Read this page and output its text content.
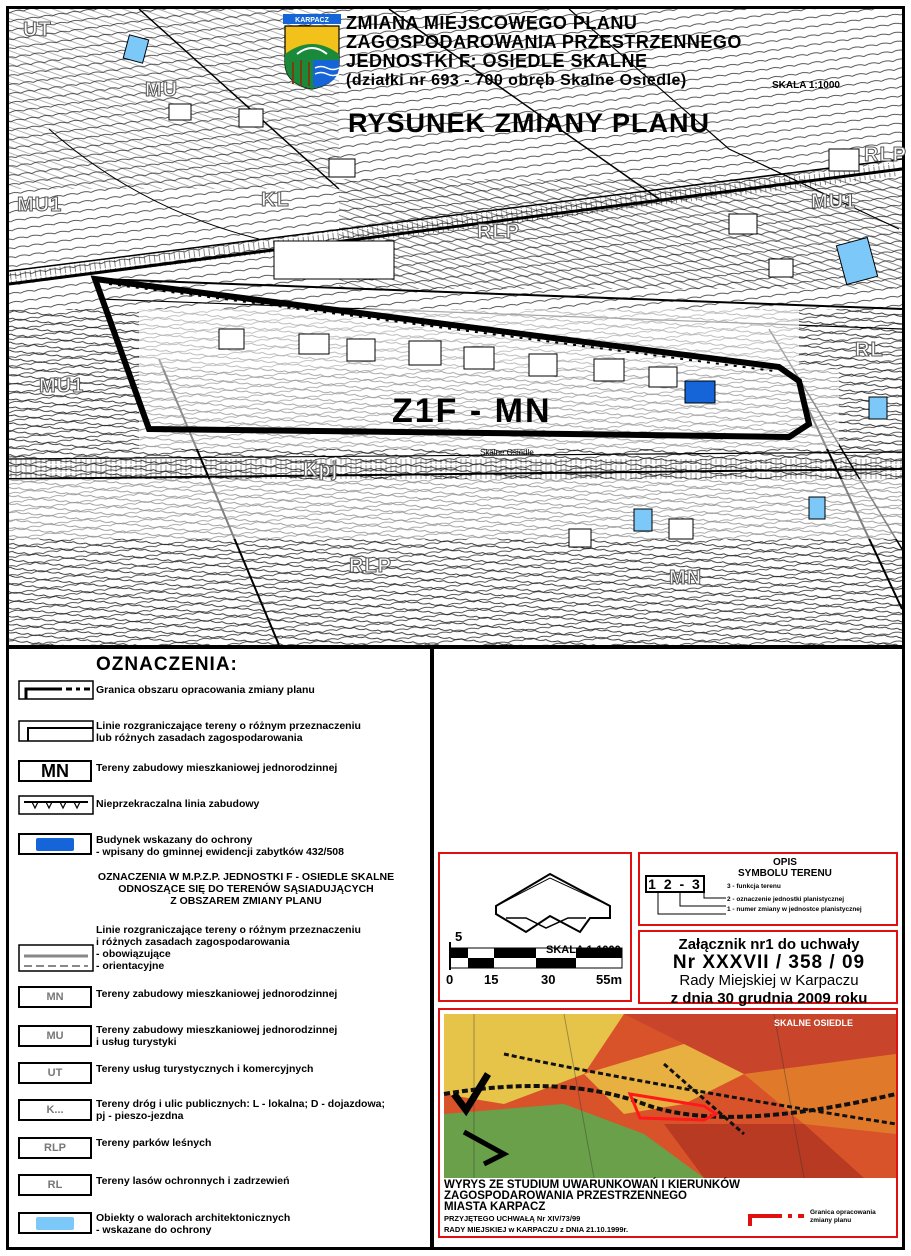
UT
MU
MU1
MU1
MU1
KL
RLP
RLP
RLP
Kpj
MN
RL
Z1F - MN
Skalne Osiedle
KARPACZ ZMIANA MIEJSCOWEGO PLANU
ZAGOSPODAROWANIA PRZESTRZENNEGO
JEDNOSTKI F: OSIEDLE SKALNE
(działki nr 693 - 700 obręb Skalne Osiedle)	SKALA 1:1000
RYSUNEK ZMIANY PLANU
OZNACZENIA:
Granica obszaru opracowania zmiany planu
Linie rozgraniczające tereny o różnym przeznaczeniu
lub różnych zasadach zagospodarowania
MN	Tereny zabudowy mieszkaniowej jednorodzinnej
Nieprzekraczalna linia zabudowy
Budynek wskazany do ochrony
- wpisany do gminnej ewidencji zabytków 432/508
OZNACZENIA W M.P.Z.P. JEDNOSTKI F - OSIEDLE SKALNE
ODNOSZĄCE SIĘ DO TERENÓW SĄSIADUJĄCYCH
Z OBSZAREM ZMIANY PLANU
Linie rozgraniczające tereny o różnym przeznaczeniu
i różnych zasadach zagospodarowania
- obowiązujące
- orientacyjne
MN	Tereny zabudowy mieszkaniowej jednorodzinnej
MU	Tereny zabudowy mieszkaniowej jednorodzinnej
i usług turystyki
UT	Tereny usług turystycznych i komercyjnych
K...	Tereny dróg i ulic publicznych: L - lokalna; D - dojazdowa;
pj - pieszo-jezdna
RLP	Tereny parków leśnych
RL	Tereny lasów ochronnych i zadrzewień
Obiekty o walorach architektonicznych
- wskazane do ochrony
5
SKALA 1:1000
0 15	30	55m
OPIS
SYMBOLU TERENU
1 2 - 3	3 - funkcja terenu
2 - oznaczenie jednostki planistycznej
1 - numer zmiany w jednostce planistycznej
Załącznik nr1 do uchwały
Nr XXXVII / 358 / 09
Rady Miejskiej w Karpaczu
z dnia 30 grudnia 2009 roku
SKALNE OSIEDLE
WYRYS ZE STUDIUM UWARUNKOWAŃ I KIERUNKÓW
ZAGOSPODAROWANIA PRZESTRZENNEGO
MIASTA KARPACZ
PRZYJĘTEGO UCHWAŁĄ Nr XIV/73/99
RADY MIEJSKIEJ w KARPACZU z DNIA 21.10.1999r.
Granica opracowania
zmiany planu
